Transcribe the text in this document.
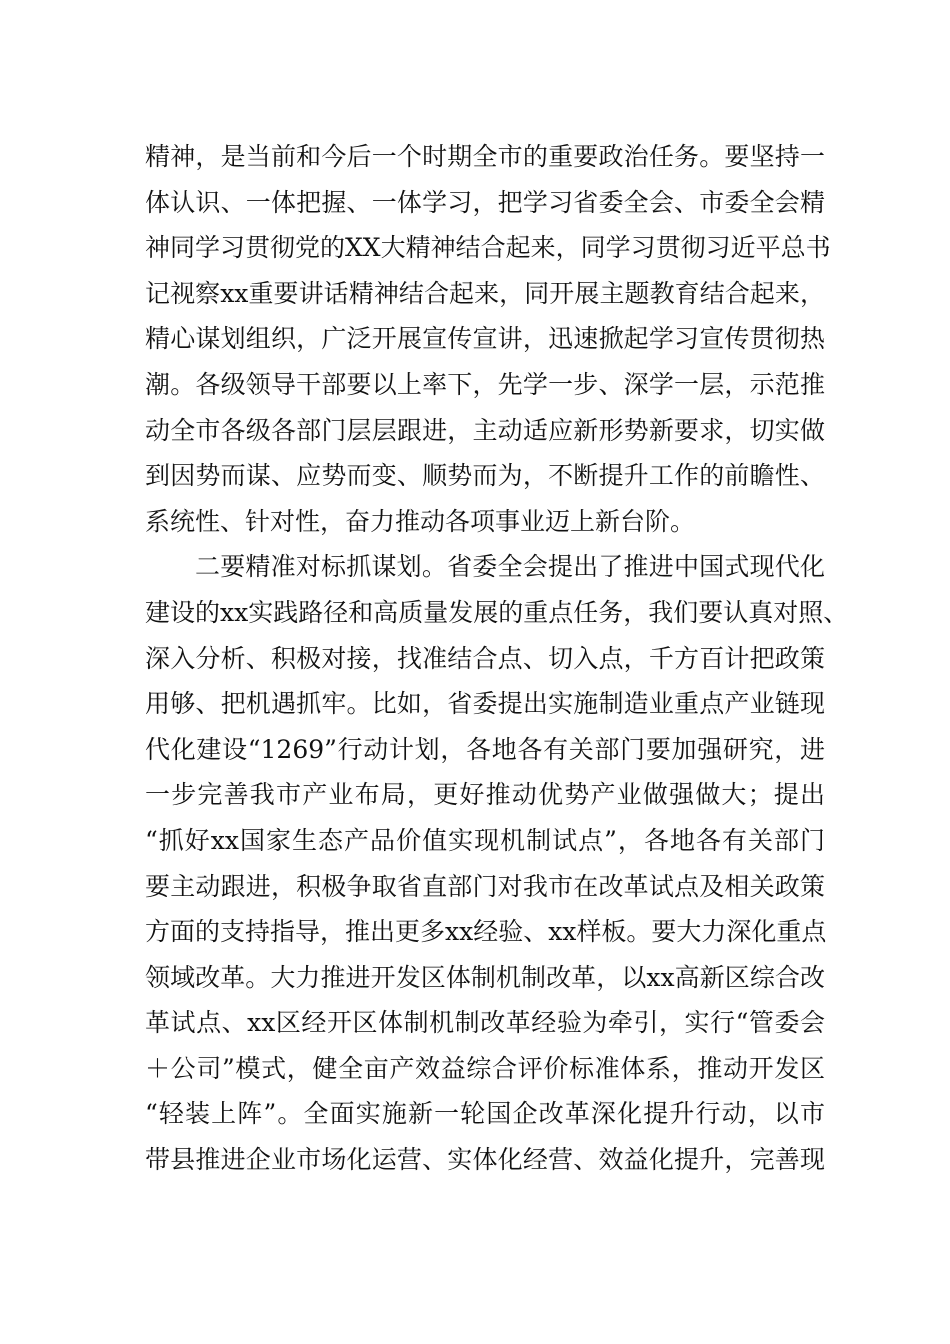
精神，是当前和今后一个时期全市的重要政治任务。要坚持一
体认识、一体把握、一体学习，把学习省委全会、市委全会精
神同学习贯彻党的XX大精神结合起来，同学习贯彻习近平总书
记视察xx重要讲话精神结合起来，同开展主题教育结合起来，
精心谋划组织，广泛开展宣传宣讲，迅速掀起学习宣传贯彻热
潮。各级领导干部要以上率下，先学一步、深学一层，示范推
动全市各级各部门层层跟进，主动适应新形势新要求，切实做
到因势而谋、应势而变、顺势而为，不断提升工作的前瞻性、
系统性、针对性，奋力推动各项事业迈上新台阶。
二要精准对标抓谋划。省委全会提出了推进中国式现代化
建设的xx实践路径和高质量发展的重点任务，我们要认真对照、
深入分析、积极对接，找准结合点、切入点，千方百计把政策
用够、把机遇抓牢。比如，省委提出实施制造业重点产业链现
代化建设“1269”行动计划，各地各有关部门要加强研究，进
一步完善我市产业布局，更好推动优势产业做强做大；提出
“抓好xx国家生态产品价值实现机制试点”，各地各有关部门
要主动跟进，积极争取省直部门对我市在改革试点及相关政策
方面的支持指导，推出更多xx经验、xx样板。要大力深化重点
领域改革。大力推进开发区体制机制改革，以xx高新区综合改
革试点、xx区经开区体制机制改革经验为牵引，实行“管委会
＋公司”模式，健全亩产效益综合评价标准体系，推动开发区
“轻装上阵”。全面实施新一轮国企改革深化提升行动，以市
带县推进企业市场化运营、实体化经营、效益化提升，完善现
